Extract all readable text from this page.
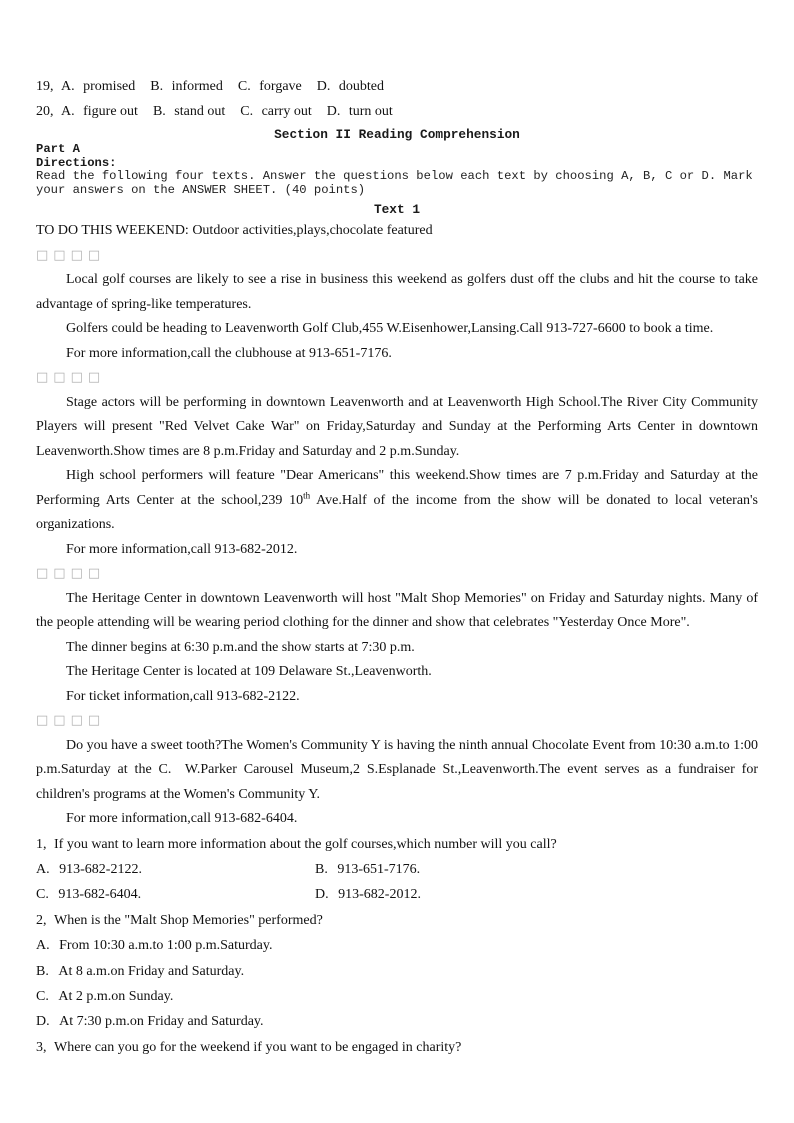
19, A. promised B. informed C. forgave D. doubted
20, A. figure out B. stand out C. carry out D. turn out
Section II Reading Comprehension
Part A
Directions:
Read the following four texts. Answer the questions below each text by choosing A, B, C or D. Mark
your answers on the ANSWER SHEET. (40 points)
Text 1
TO DO THIS WEEKEND: Outdoor activities,plays,chocolate featured
□□□□

Local golf courses are likely to see a rise in business this weekend as golfers dust off the clubs and hit the course to take advantage of spring-like temperatures.

Golfers could be heading to Leavenworth Golf Club,455 W.Eisenhower,Lansing.Call 913-727-6600 to book a time.

For more information,call the clubhouse at 913-651-7176.

□□□□

Stage actors will be performing in downtown Leavenworth and at Leavenworth High School.The River City Community Players will present "Red Velvet Cake War" on Friday,Saturday and Sunday at the Performing Arts Center in downtown Leavenworth.Show times are 8 p.m.Friday and Saturday and 2 p.m.Sunday.

High school performers will feature "Dear Americans" this weekend.Show times are 7 p.m.Friday and Saturday at the Performing Arts Center at the school,239 10th Ave.Half of the income from the show will be donated to local veteran's organizations.

For more information,call 913-682-2012.

□□□□

The Heritage Center in downtown Leavenworth will host "Malt Shop Memories" on Friday and Saturday nights. Many of the people attending will be wearing period clothing for the dinner and show that celebrates "Yesterday Once More".

The dinner begins at 6:30 p.m.and the show starts at 7:30 p.m.

The Heritage Center is located at 109 Delaware St.,Leavenworth.

For ticket information,call 913-682-2122.

□□□□

Do you have a sweet tooth?The Women's Community Y is having the ninth annual Chocolate Event from 10:30 a.m.to 1:00 p.m.Saturday at the C.  W.Parker Carousel Museum,2 S.Esplanade St.,Leavenworth.The event serves as a fundraiser for children's programs at the Women's Community Y.

For more information,call 913-682-6404.

1, If you want to learn more information about the golf courses,which number will you call?
A. 913-682-2122.	B. 913-651-7176.
C. 913-682-6404.	D. 913-682-2012.
2, When is the "Malt Shop Memories" performed?
A. From 10:30 a.m.to 1:00 p.m.Saturday.
B. At 8 a.m.on Friday and Saturday.
C. At 2 p.m.on Sunday.
D. At 7:30 p.m.on Friday and Saturday.
3, Where can you go for the weekend if you want to be engaged in charity?
